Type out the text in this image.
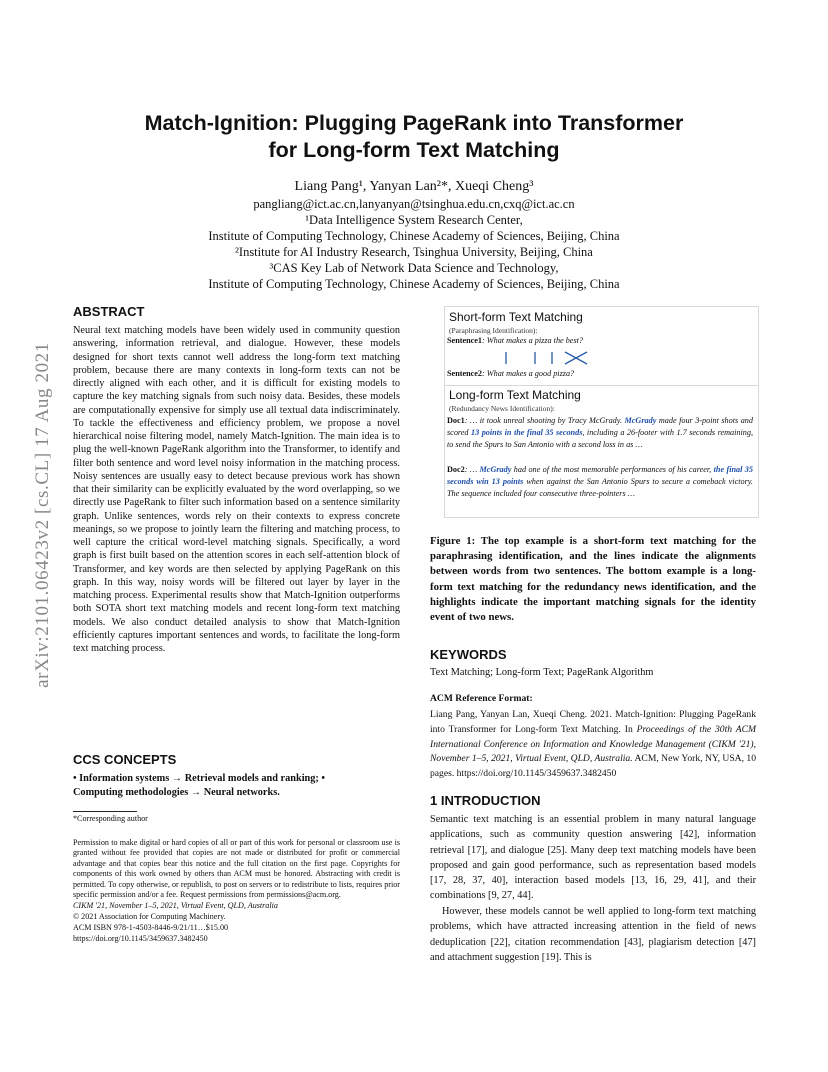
arXiv:2101.06423v2 [cs.CL] 17 Aug 2021
Match-Ignition: Plugging PageRank into Transformer
for Long-form Text Matching
Liang Pang¹, Yanyan Lan²*, Xueqi Cheng³
pangliang@ict.ac.cn,lanyanyan@tsinghua.edu.cn,cxq@ict.ac.cn
¹Data Intelligence System Research Center,
Institute of Computing Technology, Chinese Academy of Sciences, Beijing, China
²Institute for AI Industry Research, Tsinghua University, Beijing, China
³CAS Key Lab of Network Data Science and Technology,
Institute of Computing Technology, Chinese Academy of Sciences, Beijing, China
ABSTRACT
Neural text matching models have been widely used in community question answering, information retrieval, and dialogue. However, these models designed for short texts cannot well address the long-form text matching problem, because there are many contexts in long-form texts can not be directly aligned with each other, and it is difficult for existing models to capture the key matching signals from such noisy data. Besides, these models are computationally expensive for simply use all textual data indiscriminately. To tackle the effectiveness and efficiency problem, we propose a novel hierarchical noise filtering model, namely Match-Ignition. The main idea is to plug the well-known PageRank algorithm into the Transformer, to identify and filter both sentence and word level noisy information in the matching process. Noisy sentences are usually easy to detect because previous work has shown that their similarity can be explicitly evaluated by the word overlapping, so we directly use PageRank to filter such information based on a sentence similarity graph. Unlike sentences, words rely on their contexts to express concrete meanings, so we propose to jointly learn the filtering and matching process, to well capture the critical word-level matching signals. Specifically, a word graph is first built based on the attention scores in each self-attention block of Transformer, and key words are then selected by applying PageRank on this graph. In this way, noisy words will be filtered out layer by layer in the matching process. Experimental results show that Match-Ignition outperforms both SOTA short text matching models and recent long-form text matching models. We also conduct detailed analysis to show that Match-Ignition efficiently captures important sentences and words, to facilitate the long-form text matching process.
CCS CONCEPTS
• Information systems → Retrieval models and ranking; •
Computing methodologies → Neural networks.
*Corresponding author
Permission to make digital or hard copies of all or part of this work for personal or classroom use is granted without fee provided that copies are not made or distributed for profit or commercial advantage and that copies bear this notice and the full citation on the first page. Copyrights for components of this work owned by others than ACM must be honored. Abstracting with credit is permitted. To copy otherwise, or republish, to post on servers or to redistribute to lists, requires prior specific permission and/or a fee. Request permissions from permissions@acm.org.
CIKM '21, November 1–5, 2021, Virtual Event, QLD, Australia
© 2021 Association for Computing Machinery.
ACM ISBN 978-1-4503-8446-9/21/11…$15.00
https://doi.org/10.1145/3459637.3482450
Short-form Text Matching
(Paraphrasing Identification):
Sentence1: What makes a pizza the best?
Sentence2: What makes a good pizza?
Long-form Text Matching
(Redundancy News Identification):
Doc1: … it took unreal shooting by Tracy McGrady. McGrady made four 3-point shots and scored 13 points in the final 35 seconds, including a 26-footer with 1.7 seconds remaining, to send the Spurs to San Antonio with a second loss in as …
Doc2: … McGrady had one of the most memorable performances of his career, the final 35 seconds win 13 points when against the San Antonio Spurs to secure a comeback victory. The sequence included four consecutive three-pointers …
Figure 1: The top example is a short-form text matching for the paraphrasing identification, and the lines indicate the alignments between words from two sentences. The bottom example is a long-form text matching for the redundancy news identification, and the highlights indicate the important matching signals for the identity event of two news.
KEYWORDS
Text Matching; Long-form Text; PageRank Algorithm
ACM Reference Format:
Liang Pang, Yanyan Lan, Xueqi Cheng. 2021. Match-Ignition: Plugging PageRank into Transformer for Long-form Text Matching. In Proceedings of the 30th ACM International Conference on Information and Knowledge Management (CIKM '21), November 1–5, 2021, Virtual Event, QLD, Australia. ACM, New York, NY, USA, 10 pages. https://doi.org/10.1145/3459637.3482450
1 INTRODUCTION
Semantic text matching is an essential problem in many natural language applications, such as community question answering [42], information retrieval [17], and dialogue [25]. Many deep text matching models have been proposed and gain good performance, such as representation based models [17, 28, 37, 40], interaction based models [13, 16, 29, 41], and their combinations [9, 27, 44].
However, these models cannot be well applied to long-form text matching problems, which have attracted increasing attention in the field of news deduplication [22], citation recommendation [43], plagiarism detection [47] and attachment suggestion [19]. This is
